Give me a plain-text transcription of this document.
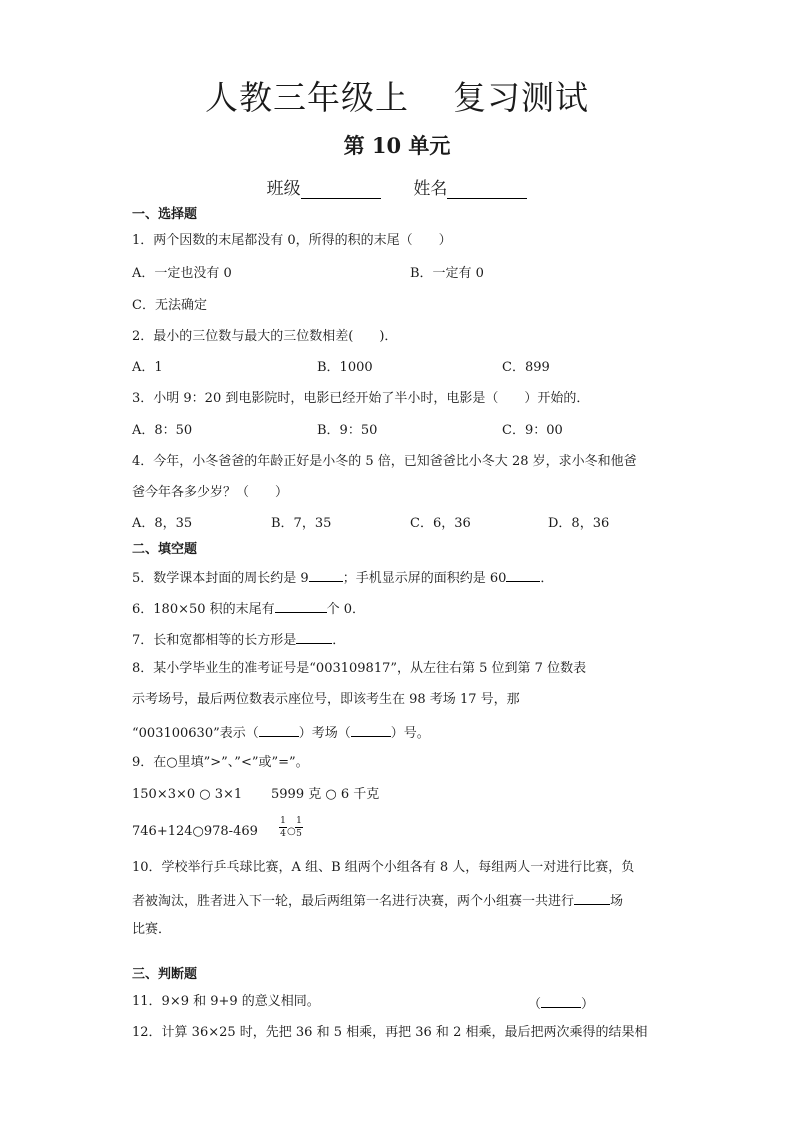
人教三年级上 复习测试
第 10 单元
班级	姓名
一、选择题
1．两个因数的末尾都没有 0，所得的积的末尾（　　）
A．一定也没有 0	B．一定有 0
C．无法确定
2．最小的三位数与最大的三位数相差(　　)．
A．1	B．1000	C．899
3．小明 9：20 到电影院时，电影已经开始了半小时，电影是（　　）开始的．
A．8：50	B．9：50	C．9：00
4．今年，小冬爸爸的年龄正好是小冬的 5 倍，已知爸爸比小冬大 28 岁，求小冬和他爸
爸今年各多少岁？（　　）
A．8，35	B．7，35	C．6，36	D．8，36
二、填空题
5．数学课本封面的周长约是 9	；手机显示屏的面积约是 60	．
6．180×50 积的末尾有	个 0．
7．长和宽都相等的长方形是	．
8．某小学毕业生的准考证号是“003109817”，从左往右第 5 位到第 7 位数表
示考场号，最后两位数表示座位号，即该考生在 98 考场 17 号，那
“003100630”表示（	）考场（	）号。
9．在○里填”>”、”<”或”=”。
150×3×0 ○ 3×1 5999 克 ○ 6 千克
746+124○978-469
1
4 ○
1
5
10．学校举行乒乓球比赛，A 组、B 组两个小组各有 8 人，每组两人一对进行比赛，负
者被淘汰，胜者进入下一轮，最后两组第一名进行决赛，两个小组赛一共进行	场
比赛．
三、判断题
11．9×9 和 9+9 的意义相同。	（	）
12．计算 36×25 时，先把 36 和 5 相乘，再把 36 和 2 相乘，最后把两次乘得的结果相
